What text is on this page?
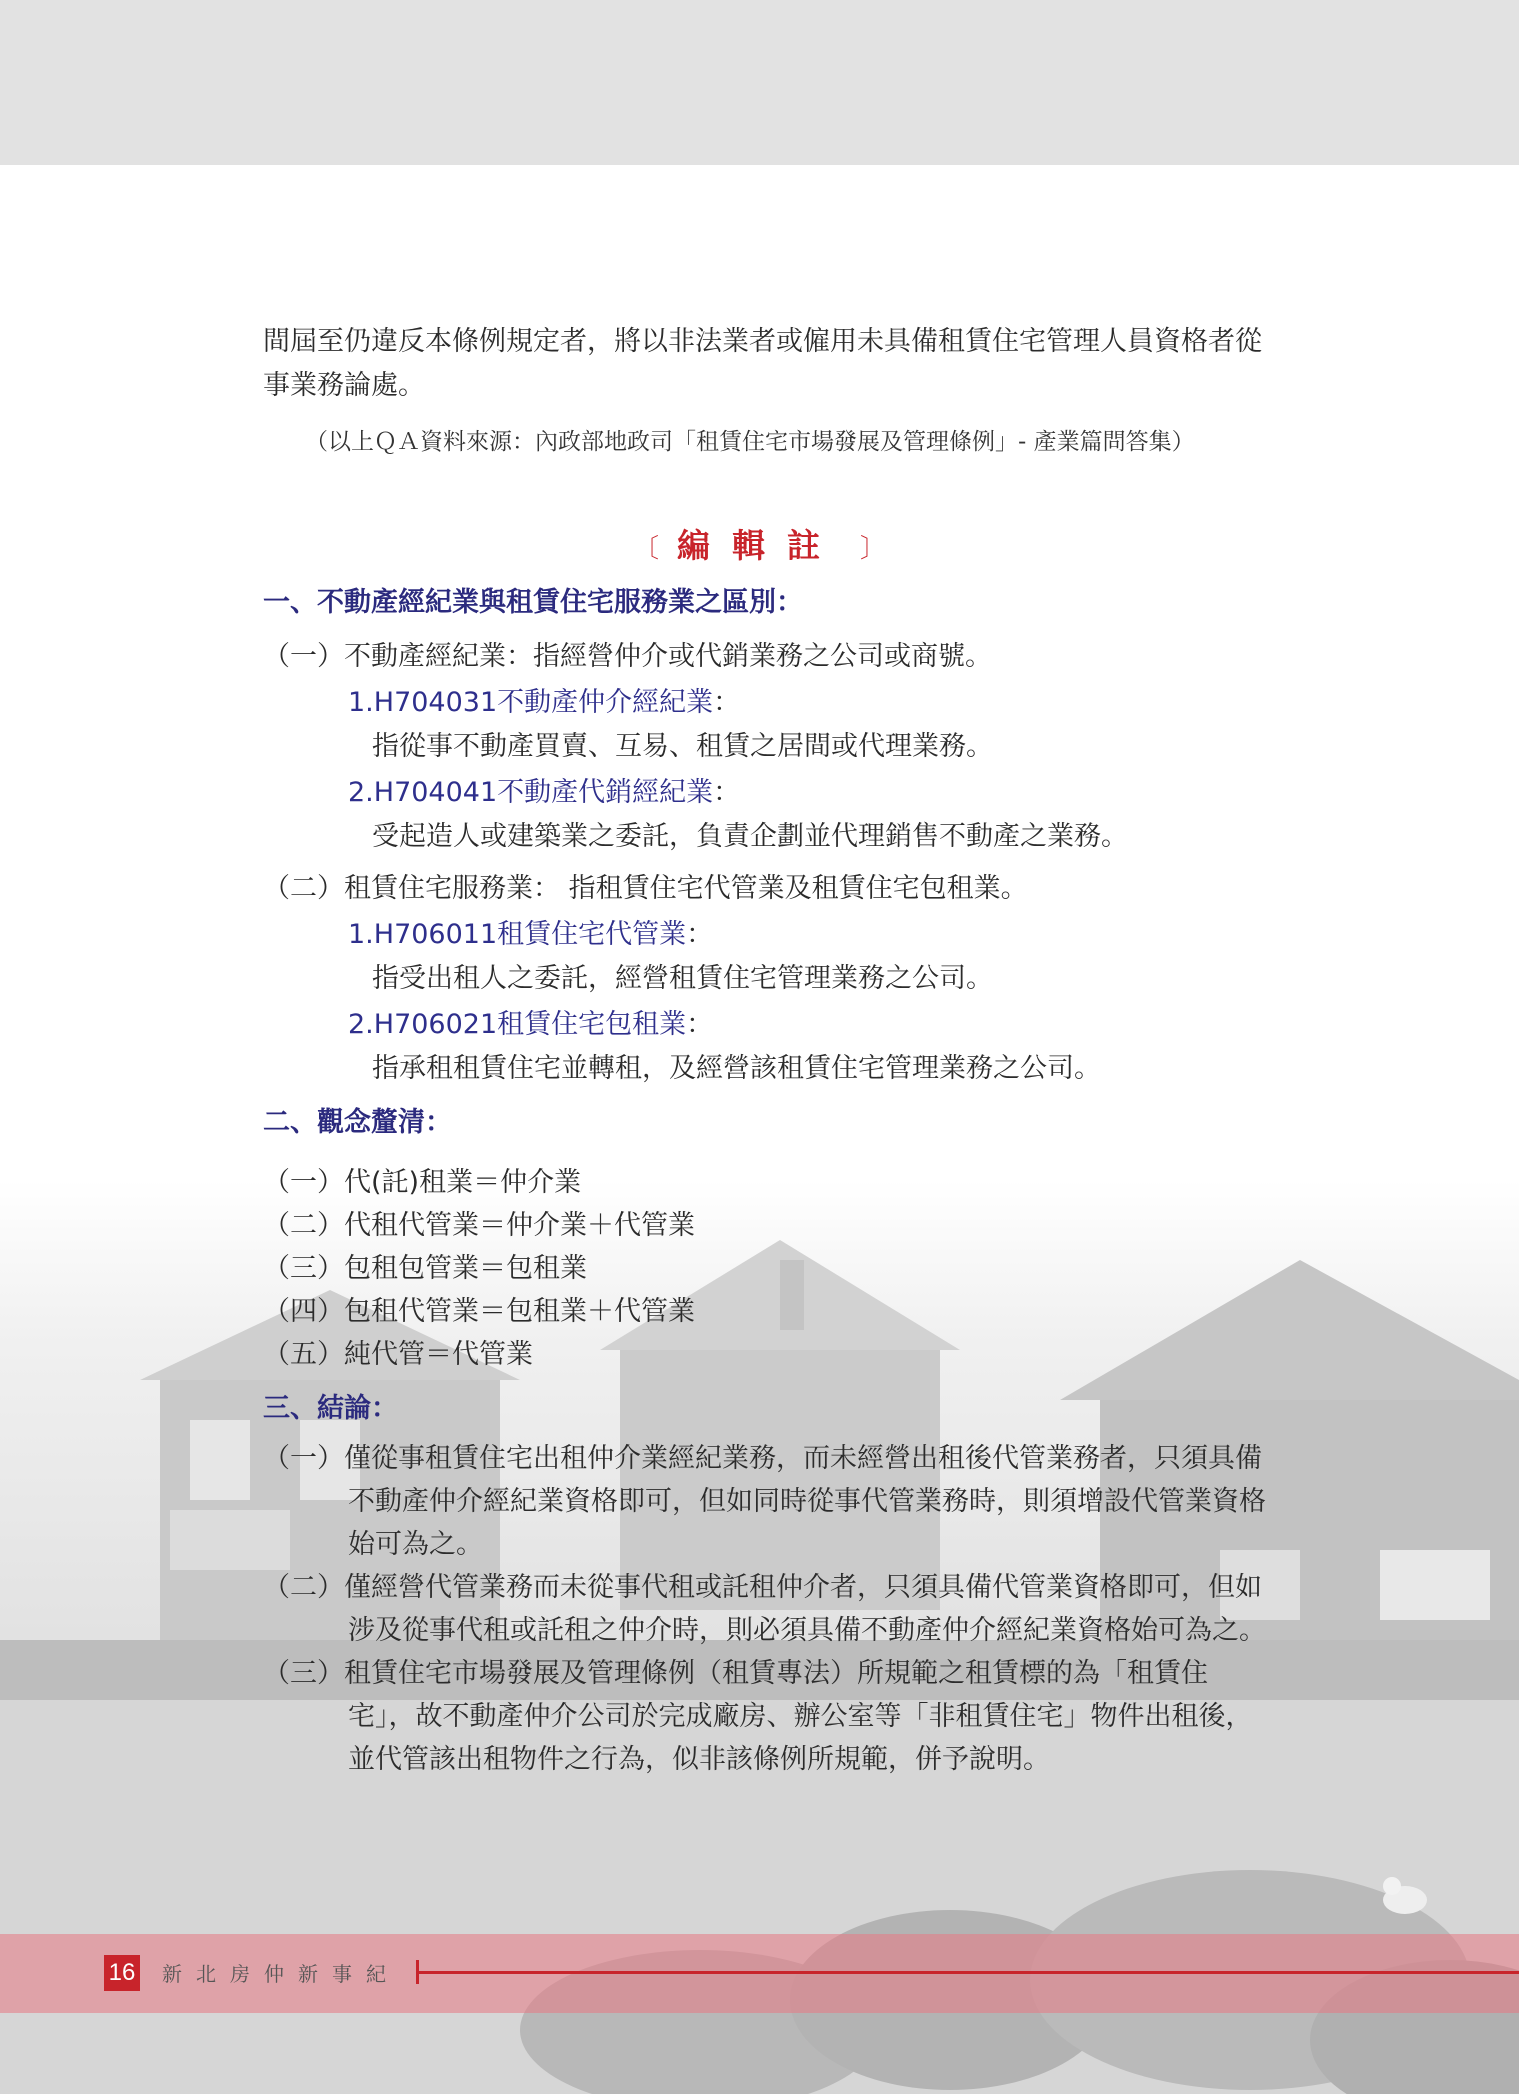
間屆至仍違反本條例規定者，將以非法業者或僱用未具備租賃住宅管理人員資格者從

事業務論處。

（以上ＱＡ資料來源：內政部地政司「租賃住宅市場發展及管理條例」- 產業篇問答集）

〔 編輯註 〕
一、不動產經紀業與租賃住宅服務業之區別：
（一）不動產經紀業：指經營仲介或代銷業務之公司或商號。
1.H704031不動產仲介經紀業：
指從事不動產買賣、互易、租賃之居間或代理業務。
2.H704041不動產代銷經紀業：
受起造人或建築業之委託，負責企劃並代理銷售不動產之業務。
（二）租賃住宅服務業： 指租賃住宅代管業及租賃住宅包租業。
1.H706011租賃住宅代管業：
指受出租人之委託，經營租賃住宅管理業務之公司。
2.H706021租賃住宅包租業：
指承租租賃住宅並轉租，及經營該租賃住宅管理業務之公司。
二、觀念釐清：
（一）代(託)租業＝仲介業
（二）代租代管業＝仲介業＋代管業
（三）包租包管業＝包租業
（四）包租代管業＝包租業＋代管業
（五）純代管＝代管業
三、結論：
（一）僅從事租賃住宅出租仲介業經紀業務，而未經營出租後代管業務者，只須具備
不動產仲介經紀業資格即可，但如同時從事代管業務時，則須增設代管業資格
始可為之。
（二）僅經營代管業務而未從事代租或託租仲介者，只須具備代管業資格即可，但如
涉及從事代租或託租之仲介時，則必須具備不動產仲介經紀業資格始可為之。
（三）租賃住宅市場發展及管理條例（租賃專法）所規範之租賃標的為「租賃住
宅」，故不動產仲介公司於完成廠房、辦公室等「非租賃住宅」物件出租後，
並代管該出租物件之行為，似非該條例所規範，併予說明。
16 新北房仲新事紀
